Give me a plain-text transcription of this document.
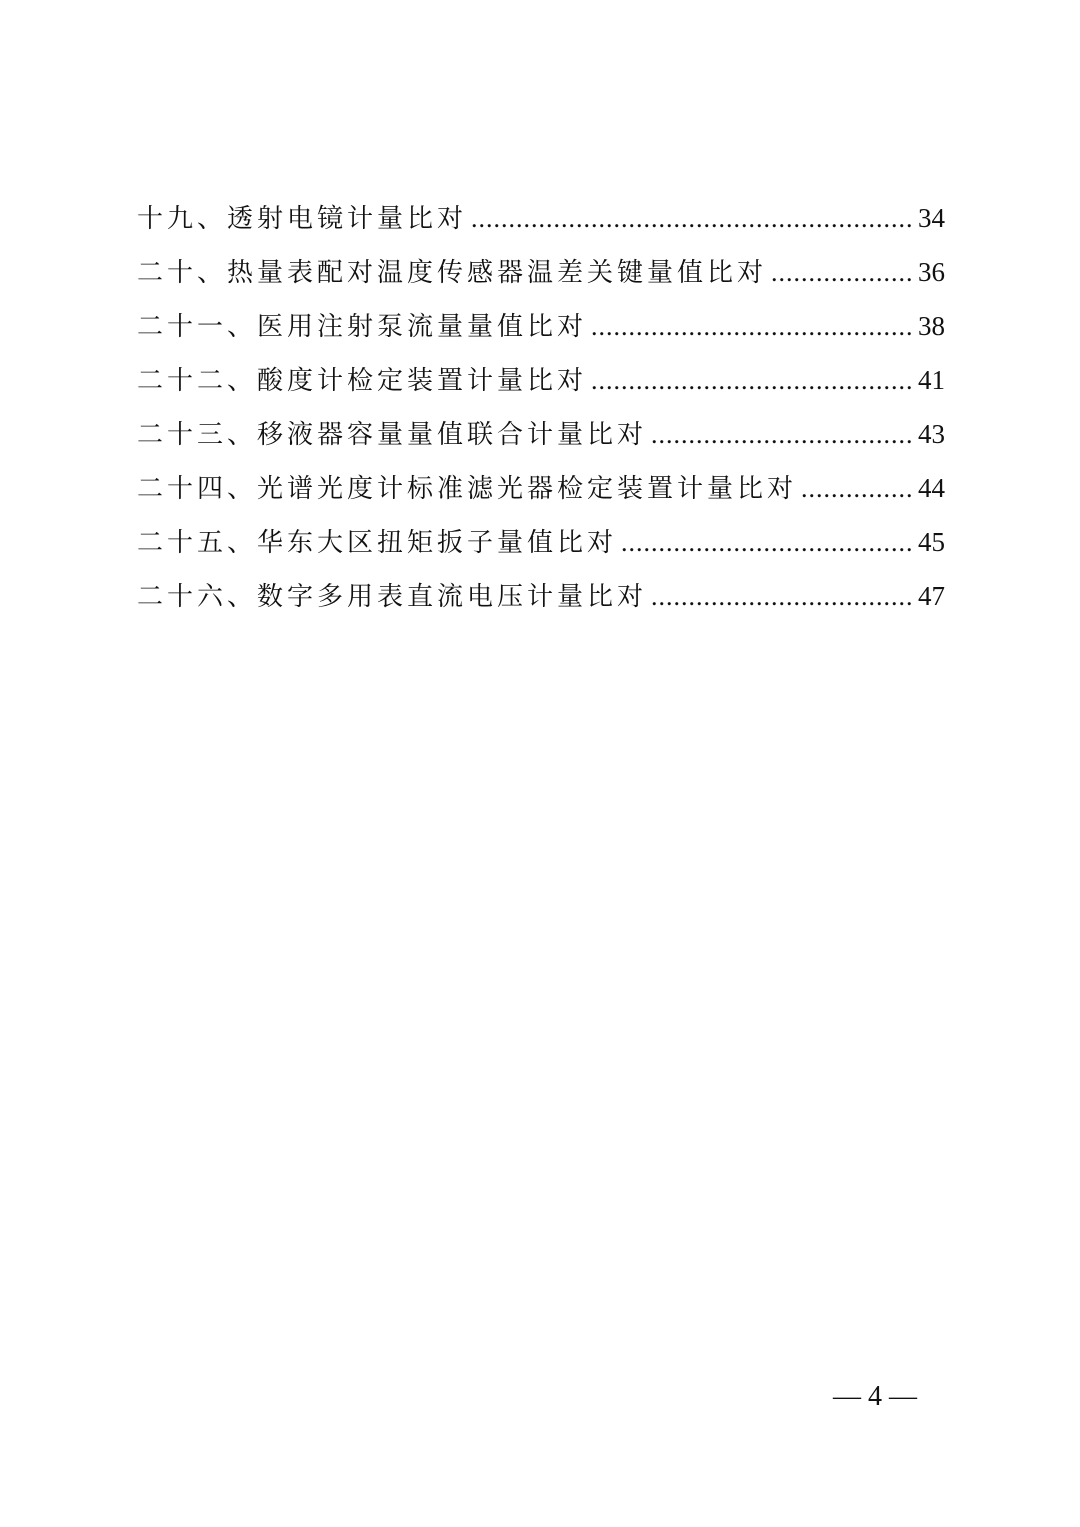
十九、透射电镜计量比对 .....	34
二十、热量表配对温度传感器温差关键量值比对 .....	36
二十一、医用注射泵流量量值比对 .....	38
二十二、酸度计检定装置计量比对 .....	41
二十三、移液器容量量值联合计量比对 .....	43
二十四、光谱光度计标准滤光器检定装置计量比对 .....	44
二十五、华东大区扭矩扳子量值比对 .....	45
二十六、数字多用表直流电压计量比对 .....	47
— 4 —
